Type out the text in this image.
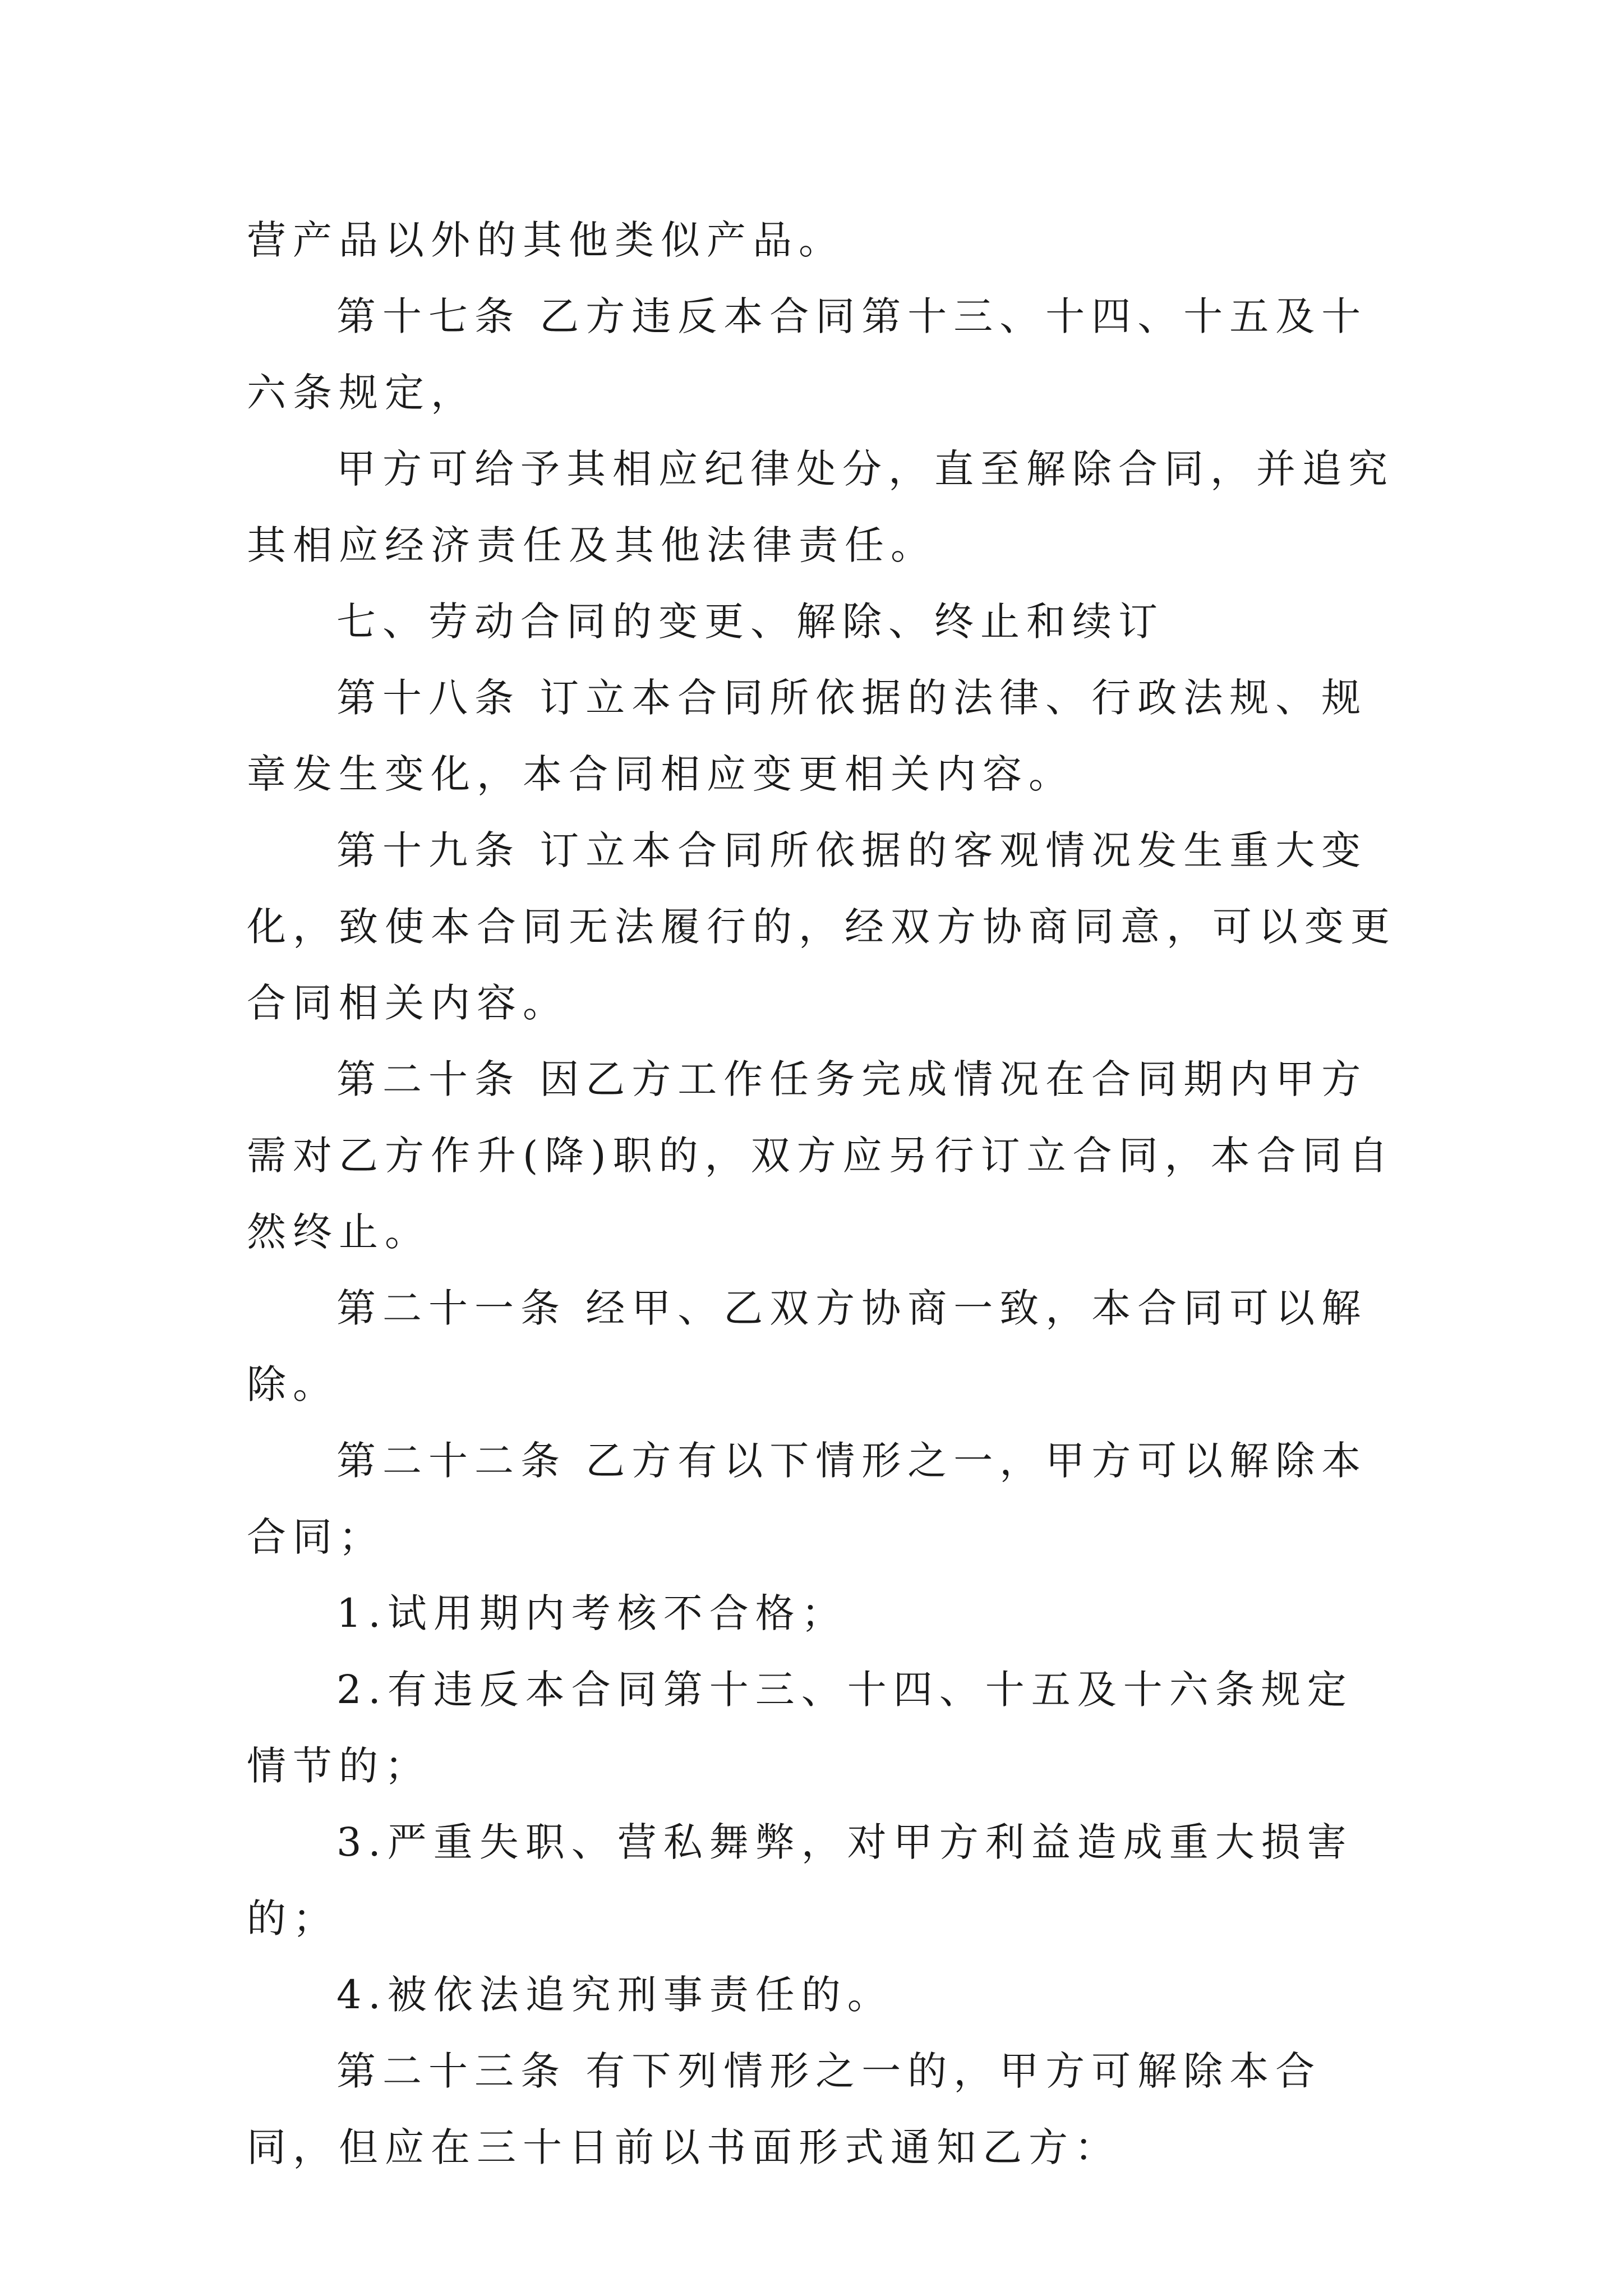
营产品以外的其他类似产品。

第十七条 乙方违反本合同第十三、十四、十五及十六条规定，

甲方可给予其相应纪律处分，直至解除合同，并追究其相应经济责任及其他法律责任。

七、劳动合同的变更、解除、终止和续订

第十八条 订立本合同所依据的法律、行政法规、规章发生变化，本合同相应变更相关内容。

第十九条 订立本合同所依据的客观情况发生重大变化，致使本合同无法履行的，经双方协商同意，可以变更合同相关内容。

第二十条 因乙方工作任务完成情况在合同期内甲方需对乙方作升(降)职的，双方应另行订立合同，本合同自然终止。

第二十一条 经甲、乙双方协商一致，本合同可以解除。

第二十二条 乙方有以下情形之一，甲方可以解除本合同；

1.试用期内考核不合格；

2.有违反本合同第十三、十四、十五及十六条规定情节的；

3.严重失职、营私舞弊，对甲方利益造成重大损害的；

4.被依法追究刑事责任的。

第二十三条 有下列情形之一的，甲方可解除本合同，但应在三十日前以书面形式通知乙方：
